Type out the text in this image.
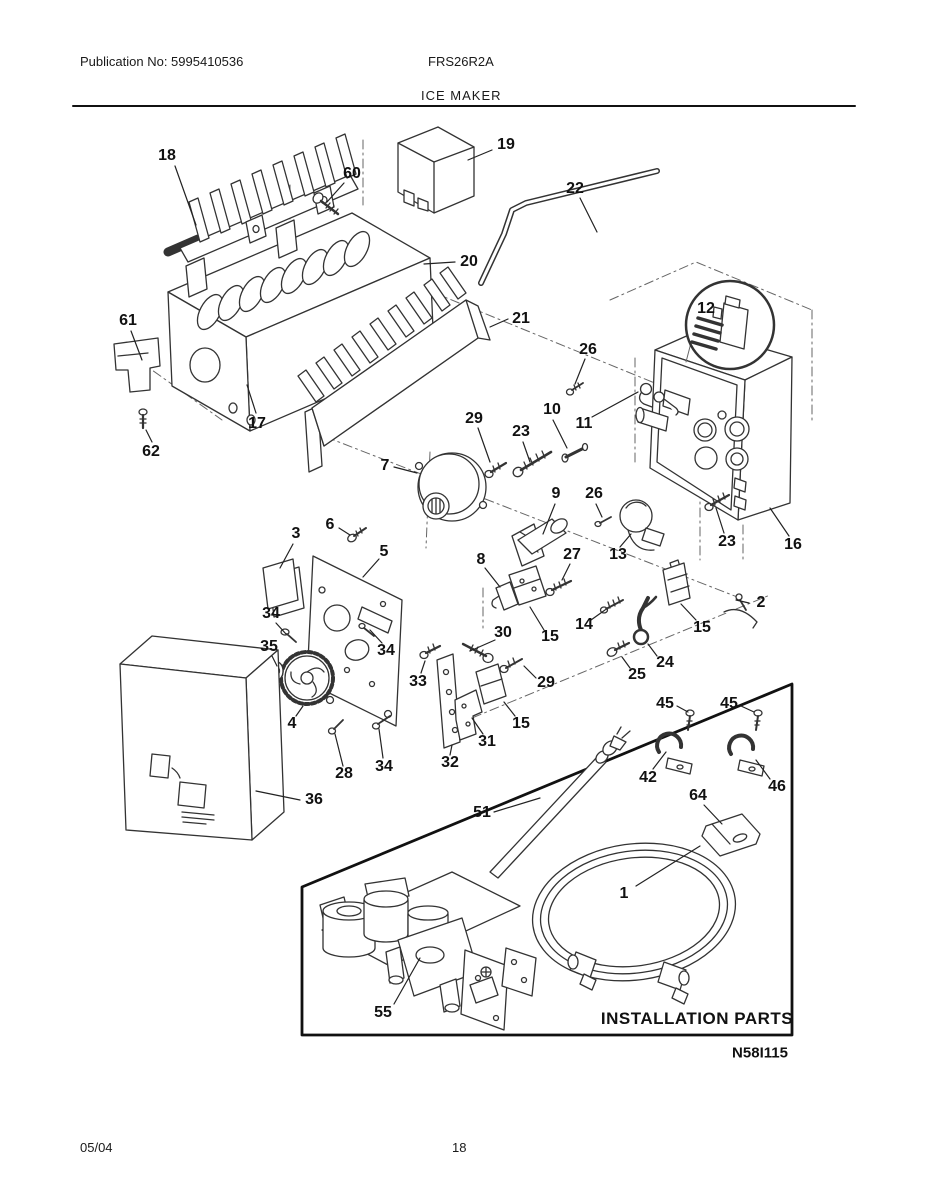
Publication No: 5995410536	FRS26R2A
ICE MAKER
18
60
19
22
20
21
12
61
26
17
62
29
23
10
11
7
9 26
13
23	16
3
6
5	8	27
2
34
35	34
30 15
14	15
24
25
33	29
4	15
31
32
28 34
36
45	45
42
46
64
51
1
55	INSTALLATION PARTS
N58I115
05/04	18
